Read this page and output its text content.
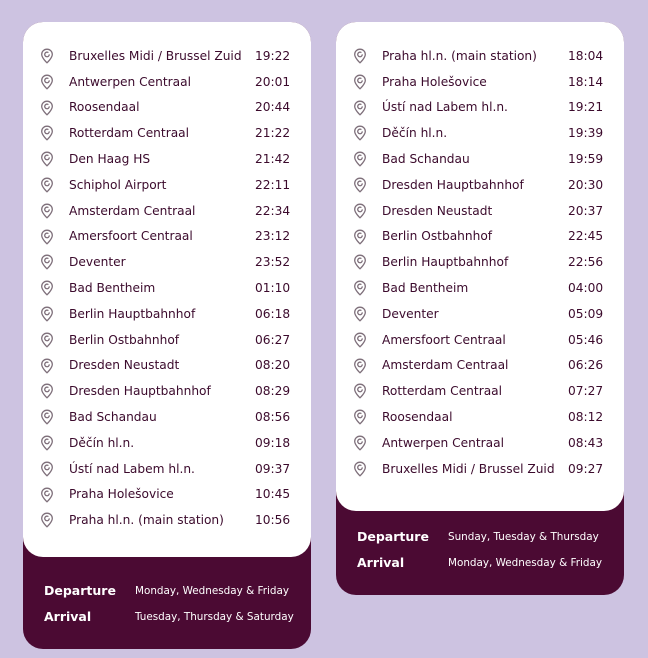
Bruxelles Midi / Brussel Zuid 19:22
Antwerpen Centraal	20:01
Roosendaal	20:44
Rotterdam Centraal	21:22
Den Haag HS	21:42
Schiphol Airport	22:11
Amsterdam Centraal	22:34
Amersfoort Centraal	23:12
Deventer	23:52
Bad Bentheim	01:10
Berlin Hauptbahnhof	06:18
Berlin Ostbahnhof	06:27
Dresden Neustadt	08:20
Dresden Hauptbahnhof	08:29
Bad Schandau	08:56
Děčín hl.n.	09:18
Ústí nad Labem hl.n.	09:37
Praha Holešovice	10:45
Praha hl.n. (main station)	10:56
Departure Monday, Wednesday & Friday
Arrival	Tuesday, Thursday & Saturday
Praha hl.n. (main station)	18:04
Praha Holešovice	18:14
Ústí nad Labem hl.n.	19:21
Děčín hl.n.	19:39
Bad Schandau	19:59
Dresden Hauptbahnhof	20:30
Dresden Neustadt	20:37
Berlin Ostbahnhof	22:45
Berlin Hauptbahnhof	22:56
Bad Bentheim	04:00
Deventer	05:09
Amersfoort Centraal	05:46
Amsterdam Centraal	06:26
Rotterdam Centraal	07:27
Roosendaal	08:12
Antwerpen Centraal	08:43
Bruxelles Midi / Brussel Zuid 09:27
Departure Sunday, Tuesday & Thursday
Arrival	Monday, Wednesday & Friday
